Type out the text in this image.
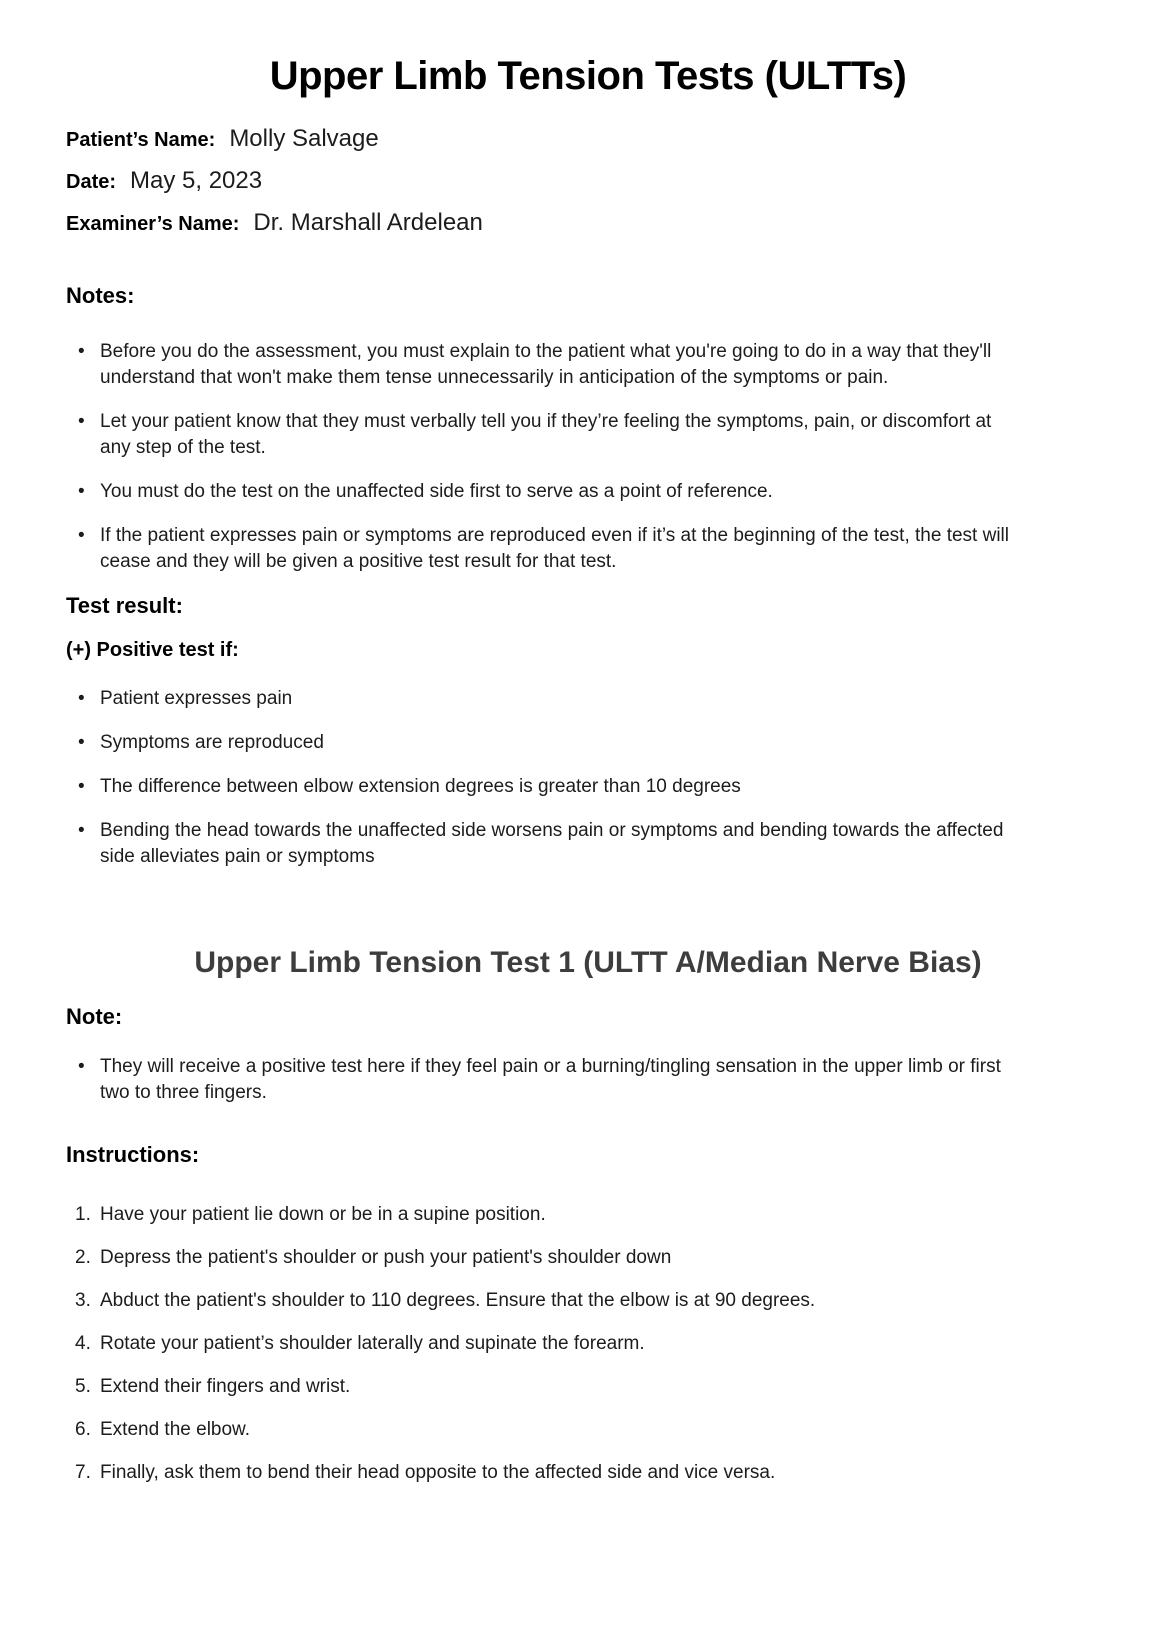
Upper Limb Tension Tests (ULTTs)
Patient’s Name: Molly Salvage
Date: May 5, 2023
Examiner’s Name: Dr. Marshall Ardelean
Notes:
• Before you do the assessment, you must explain to the patient what you're going to do in a way that they'll understand that won't make them tense unnecessarily in anticipation of the symptoms or pain.
• Let your patient know that they must verbally tell you if they’re feeling the symptoms, pain, or discomfort at any step of the test.
• You must do the test on the unaffected side first to serve as a point of reference.
• If the patient expresses pain or symptoms are reproduced even if it’s at the beginning of the test, the test will cease and they will be given a positive test result for that test.
Test result:
(+) Positive test if:
• Patient expresses pain
• Symptoms are reproduced
• The difference between elbow extension degrees is greater than 10 degrees
• Bending the head towards the unaffected side worsens pain or symptoms and bending towards the affected side alleviates pain or symptoms
Upper Limb Tension Test 1 (ULTT A/Median Nerve Bias)
Note:
• They will receive a positive test here if they feel pain or a burning/tingling sensation in the upper limb or first two to three fingers.
Instructions:
Have your patient lie down or be in a supine position.
Depress the patient's shoulder or push your patient's shoulder down
Abduct the patient's shoulder to 110 degrees. Ensure that the elbow is at 90 degrees.
Rotate your patient’s shoulder laterally and supinate the forearm.
Extend their fingers and wrist.
Extend the elbow.
Finally, ask them to bend their head opposite to the affected side and vice versa.
